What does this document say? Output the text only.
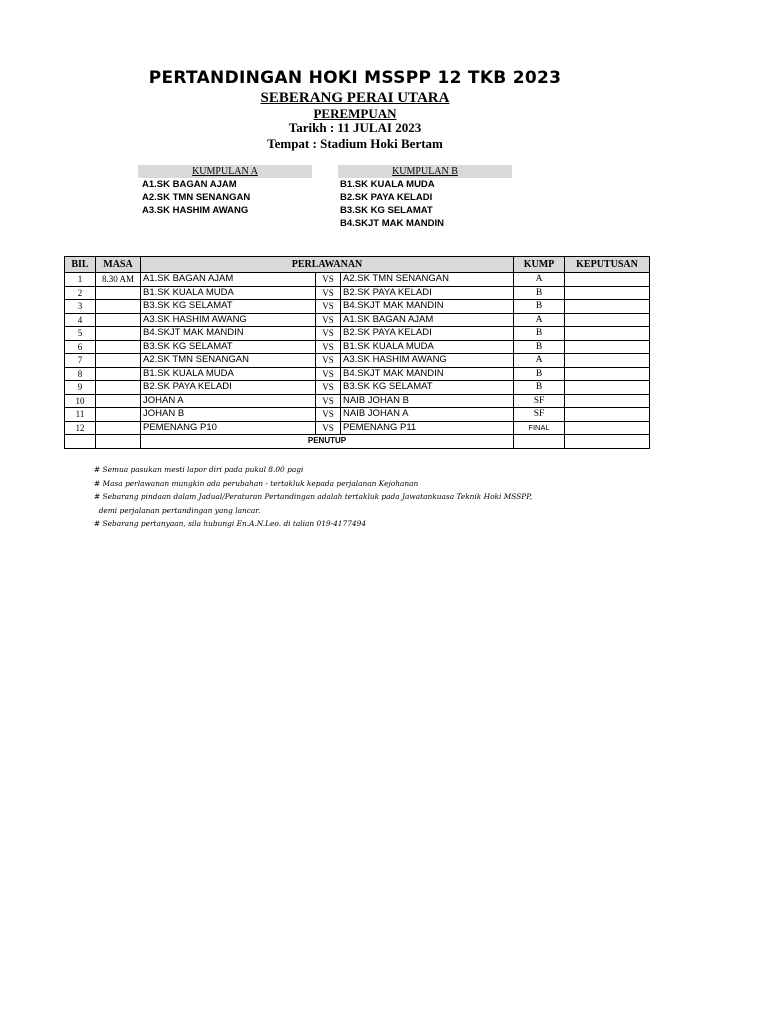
PERTANDINGAN HOKI MSSPP 12 TKB 2023
SEBERANG PERAI UTARA
PEREMPUAN
Tarikh : 11 JULAI 2023
Tempat : Stadium Hoki Bertam
KUMPULAN A	KUMPULAN B
A1.SK BAGAN AJAM
A2.SK TMN SENANGAN
A3.SK HASHIM AWANG
B1.SK KUALA MUDA
B2.SK PAYA KELADI
B3.SK KG SELAMAT
B4.SKJT MAK MANDIN
BIL	MASA	PERLAWANAN			KUMP	KEPUTUSAN
1	8.30 AM	A1.SK BAGAN AJAM	VS	A2.SK TMN SENANGAN	A	
2		B1.SK KUALA MUDA	VS	B2.SK PAYA KELADI	B	
3		B3.SK KG SELAMAT	VS	B4.SKJT MAK MANDIN	B	
4		A3.SK HASHIM AWANG	VS	A1.SK BAGAN AJAM	A	
5		B4.SKJT MAK MANDIN	VS	B2.SK PAYA KELADI	B	
6		B3.SK KG SELAMAT	VS	B1.SK KUALA MUDA	B	
7		A2.SK TMN SENANGAN	VS	A3.SK HASHIM AWANG	A	
8		B1.SK KUALA MUDA	VS	B4.SKJT MAK MANDIN	B	
9		B2.SK PAYA KELADI	VS	B3.SK KG SELAMAT	B	
10		JOHAN A	VS	NAIB JOHAN B	SF	
11		JOHAN B	VS	NAIB JOHAN A	SF	
12		PEMENANG P10	VS	PEMENANG P11	FINAL	
		PENUTUP				
# Semua pasukan mesti lapor diri pada pukul 8.00 pagi
# Masa perlawanan mungkin ada perubahan - tertakluk kepada perjalanan Kejohanan
# Sebarang pindaan dalam Jadual/Peraturan Pertandingan adalah tertakluk pada Jawatankuasa Teknik Hoki MSSPP,
demi perjalanan pertandingan yang lancar.
# Sebarang pertanyaan, sila hubungi En.A.N.Leo. di talian 019-4177494
